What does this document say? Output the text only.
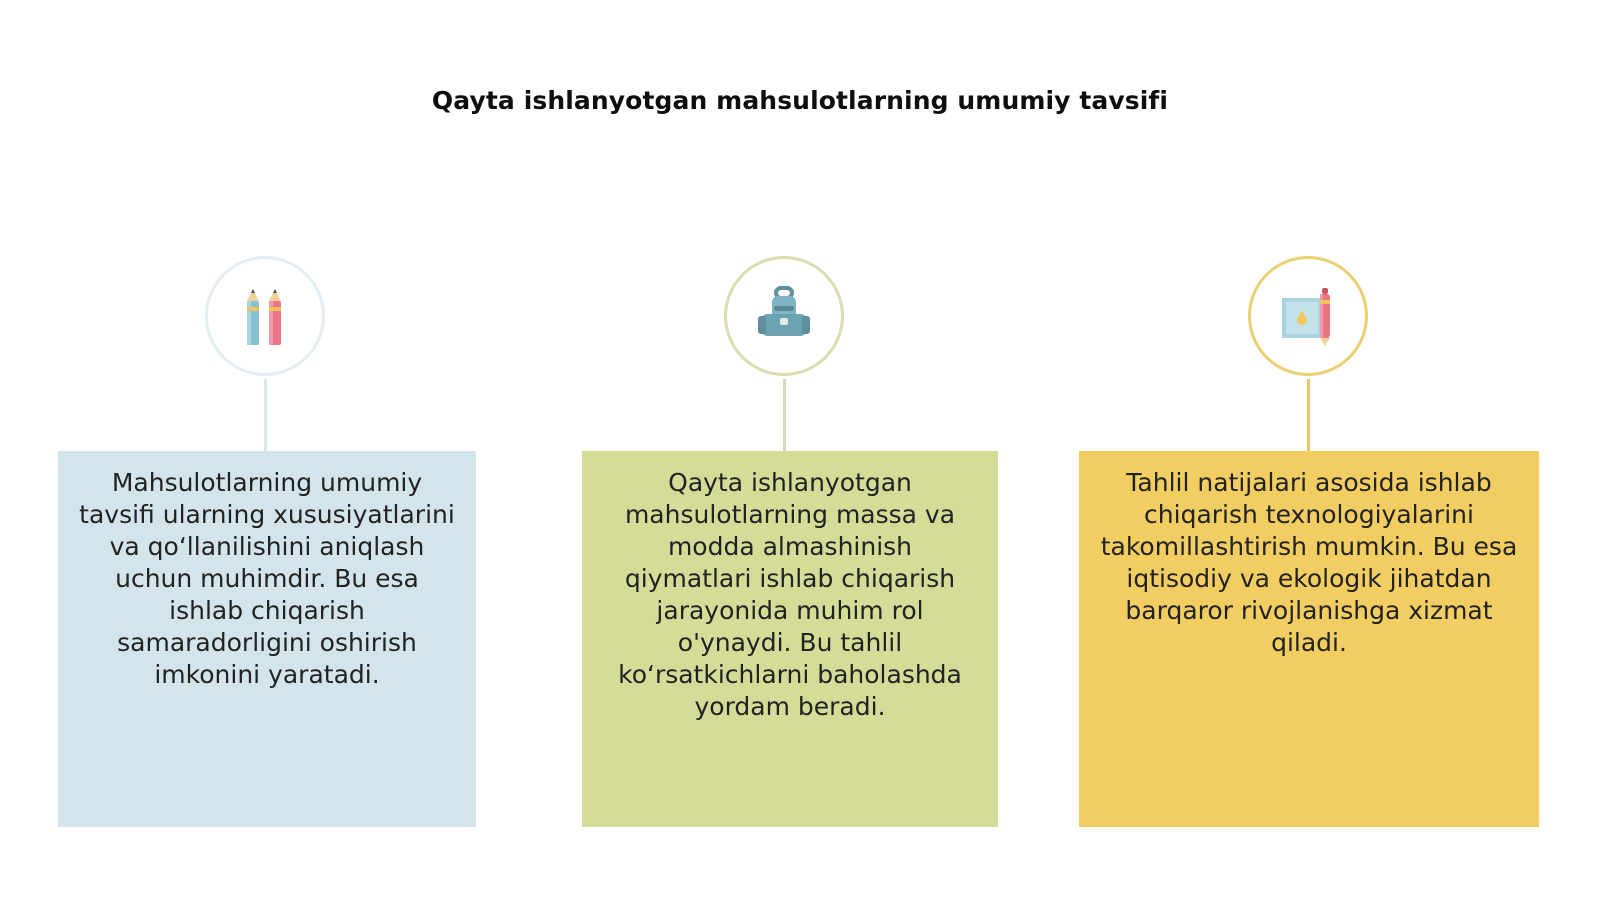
Qayta ishlanyotgan mahsulotlarning umumiy tavsifi
Mahsulotlarning umumiy tavsifi ularning xususiyatlarini va qo‘llanilishini aniqlash uchun muhimdir. Bu esa ishlab chiqarish samaradorligini oshirish imkonini yaratadi.
Qayta ishlanyotgan mahsulotlarning massa va modda almashinish qiymatlari ishlab chiqarish jarayonida muhim rol o'ynaydi. Bu tahlil ko‘rsatkichlarni baholashda yordam beradi.
Tahlil natijalari asosida ishlab chiqarish texnologiyalarini takomillashtirish mumkin. Bu esa iqtisodiy va ekologik jihatdan barqaror rivojlanishga xizmat qiladi.
